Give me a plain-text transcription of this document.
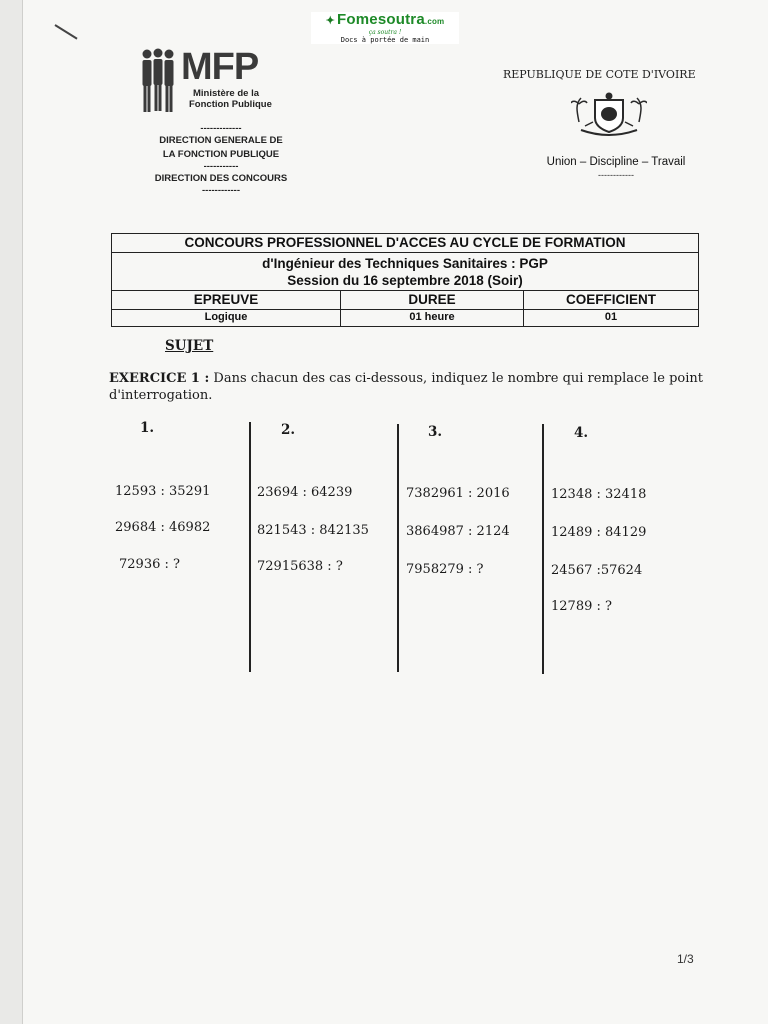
✦ Fomesoutra.com
ça soutra !
Docs à portée de main
MFP
Ministère de la
Fonction Publique
-------------
DIRECTION GENERALE DE
LA FONCTION PUBLIQUE
-----------
DIRECTION DES CONCOURS
------------
REPUBLIQUE DE COTE D'IVOIRE
Union – Discipline – Travail
------------
CONCOURS PROFESSIONNEL D'ACCES AU CYCLE DE FORMATION
d'Ingénieur des Techniques Sanitaires : PGP
Session du 16 septembre 2018 (Soir)
EPREUVE	DUREE	COEFFICIENT
Logique	01 heure	01
SUJET
EXERCICE 1 : Dans chacun des cas ci-dessous, indiquez le nombre qui remplace le point d'interrogation.
1.
12593 : 35291
29684 : 46982
72936 : ?
2.
23694 : 64239
821543 : 842135
72915638 : ?
3.
7382961 : 2016
3864987 : 2124
7958279 : ?
4.
12348 : 32418
12489 : 84129
24567 :57624
12789 : ?
1/3
